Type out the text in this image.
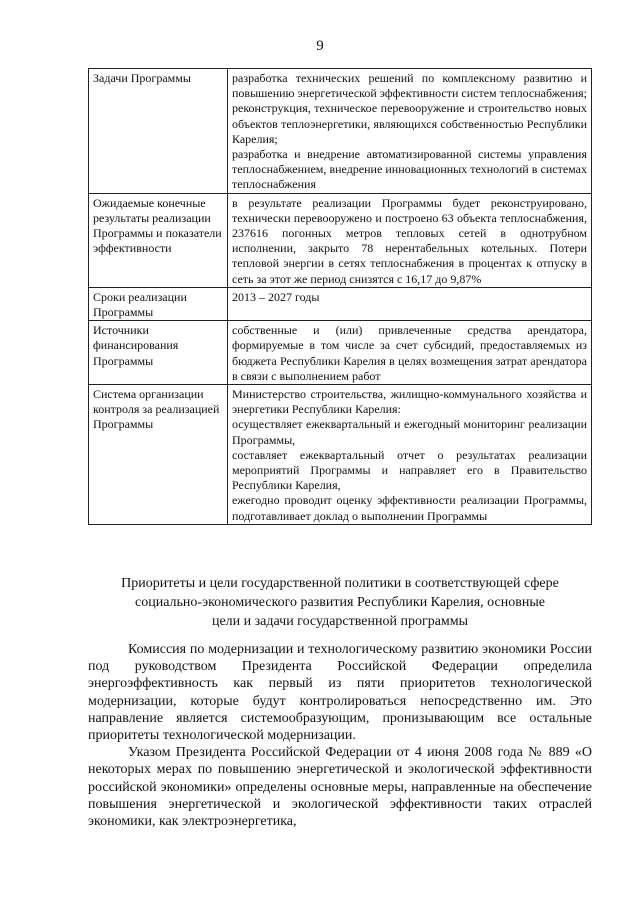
9
Задачи Программы	разработка технических решений по комплексному развитию и повышению энергетической эффективности систем теплоснабжения;
реконструкция, техническое перевооружение и строительство новых объектов теплоэнергетики, являющихся собственностью Республики Карелия;
разработка и внедрение автоматизированной системы управления теплоснабжением, внедрение инновационных технологий в системах теплоснабжения

Ожидаемые конечные результаты реализации Программы и показатели эффективности	в результате реализации Программы будет реконструировано, технически перевооружено и построено 63 объекта теплоснабжения, 237616 погонных метров тепловых сетей в однотрубном исполнении, закрыто 78 нерентабельных котельных. Потери тепловой энергии в сетях теплоснабжения в процентах к отпуску в сеть за этот же период снизятся с 16,17 до 9,87%

Сроки реализации Программы	2013 – 2027 годы

Источники финансирования Программы	собственные и (или) привлеченные средства арендатора, формируемые в том числе за счет субсидий, предоставляемых из бюджета Республики Карелия в целях возмещения затрат арендатора в связи с выполнением работ

Система организации контроля за реализацией Программы	Министерство строительства, жилищно-коммунального хозяйства и энергетики Республики Карелия:
осуществляет ежеквартальный и ежегодный мониторинг реализации Программы,
составляет ежеквартальный отчет о результатах реализации мероприятий Программы и направляет его в Правительство Республики Карелия,
ежегодно проводит оценку эффективности реализации Программы, подготавливает доклад о выполнении Программы
Приоритеты и цели государственной политики в соответствующей сфере
социально-экономического развития Республики Карелия, основные
цели и задачи государственной программы

Комиссия по модернизации и технологическому развитию экономики России под руководством Президента Российской Федерации определила энергоэффективность как первый из пяти приоритетов технологической модернизации, которые будут контролироваться непосредственно им. Это направление является системообразующим, пронизывающим все остальные приоритеты технологической модернизации.

Указом Президента Российской Федерации от 4 июня 2008 года № 889 «О некоторых мерах по повышению энергетической и экологической эффективности российской экономики» определены основные меры, направленные на обеспечение повышения энергетической и экологической эффективности таких отраслей экономики, как электроэнергетика,
